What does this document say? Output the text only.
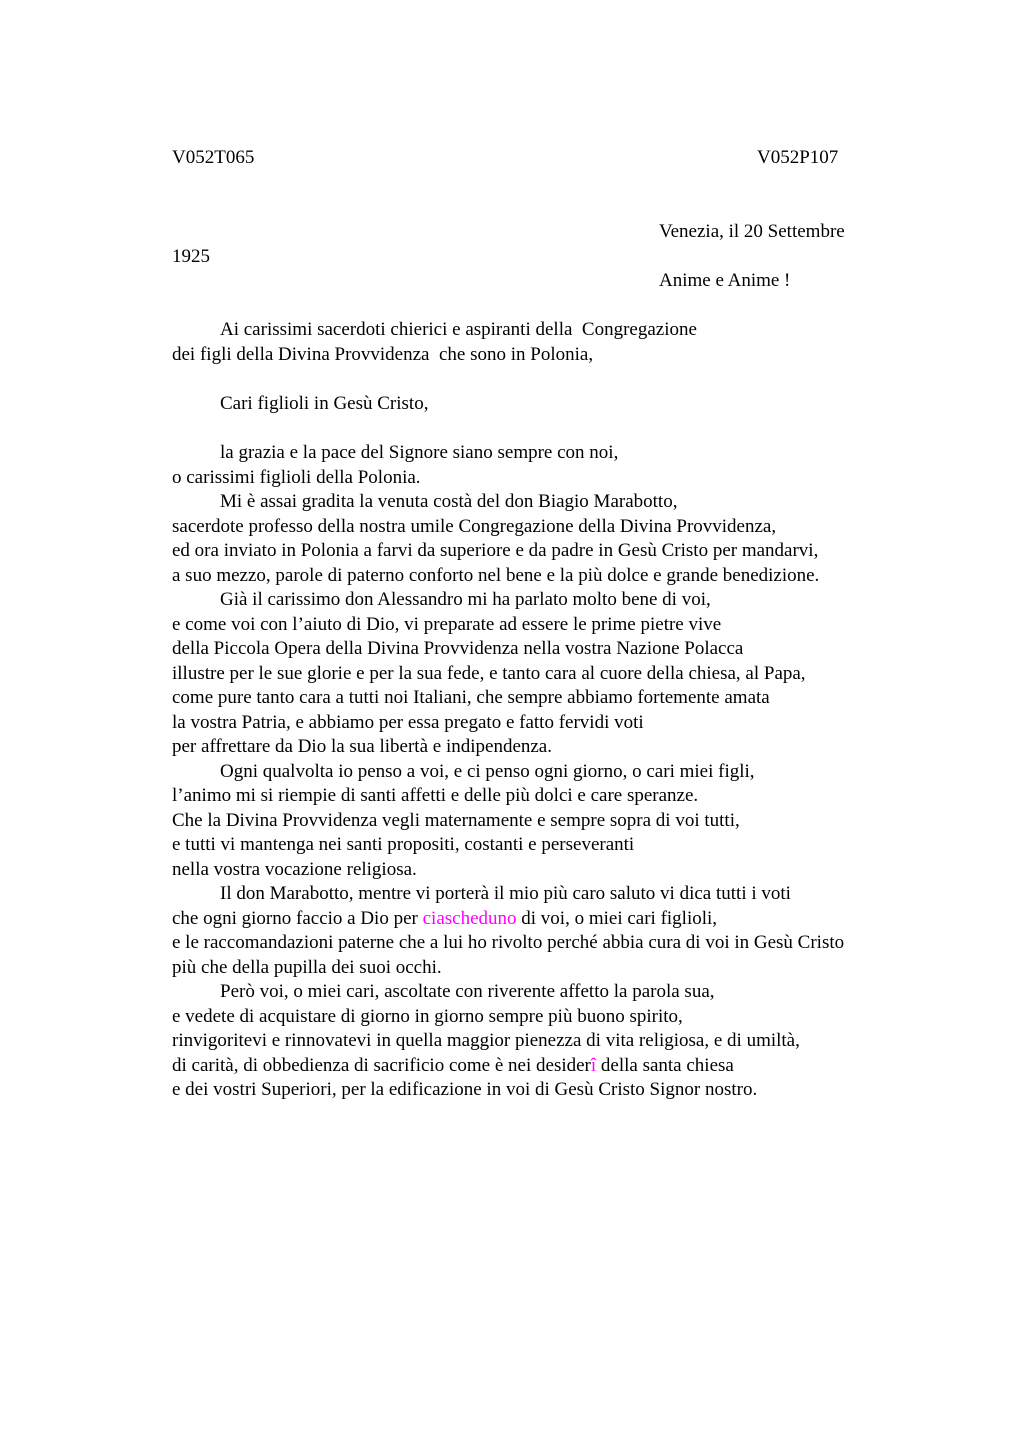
V052T065	V052P107
Venezia, il 20 Settembre
1925
Anime e Anime !
Ai carissimi sacerdoti chierici e aspiranti della  Congregazione
dei figli della Divina Provvidenza  che sono in Polonia,
Cari figlioli in Gesù Cristo,
la grazia e la pace del Signore siano sempre con noi,
o carissimi figlioli della Polonia.
Mi è assai gradita la venuta costà del don Biagio Marabotto,
sacerdote professo della nostra umile Congregazione della Divina Provvidenza,
ed ora inviato in Polonia a farvi da superiore e da padre in Gesù Cristo per mandarvi,
a suo mezzo, parole di paterno conforto nel bene e la più dolce e grande benedizione.
Già il carissimo don Alessandro mi ha parlato molto bene di voi,
e come voi con l’aiuto di Dio, vi preparate ad essere le prime pietre vive
della Piccola Opera della Divina Provvidenza nella vostra Nazione Polacca
illustre per le sue glorie e per la sua fede, e tanto cara al cuore della chiesa, al Papa,
come pure tanto cara a tutti noi Italiani, che sempre abbiamo fortemente amata
la vostra Patria, e abbiamo per essa pregato e fatto fervidi voti
per affrettare da Dio la sua libertà e indipendenza.
Ogni qualvolta io penso a voi, e ci penso ogni giorno, o cari miei figli,
l’animo mi si riempie di santi affetti e delle più dolci e care speranze.
Che la Divina Provvidenza vegli maternamente e sempre sopra di voi tutti,
e tutti vi mantenga nei santi propositi, costanti e perseveranti
nella vostra vocazione religiosa.
Il don Marabotto, mentre vi porterà il mio più caro saluto vi dica tutti i voti
che ogni giorno faccio a Dio per ciascheduno di voi, o miei cari figlioli,
e le raccomandazioni paterne che a lui ho rivolto perché abbia cura di voi in Gesù Cristo
più che della pupilla dei suoi occhi.
Però voi, o miei cari, ascoltate con riverente affetto la parola sua,
e vedete di acquistare di giorno in giorno sempre più buono spirito,
rinvigoritevi e rinnovatevi in quella maggior pienezza di vita religiosa, e di umiltà,
di carità, di obbedienza di sacrificio come è nei desiderî della santa chiesa
e dei vostri Superiori, per la edificazione in voi di Gesù Cristo Signor nostro.
